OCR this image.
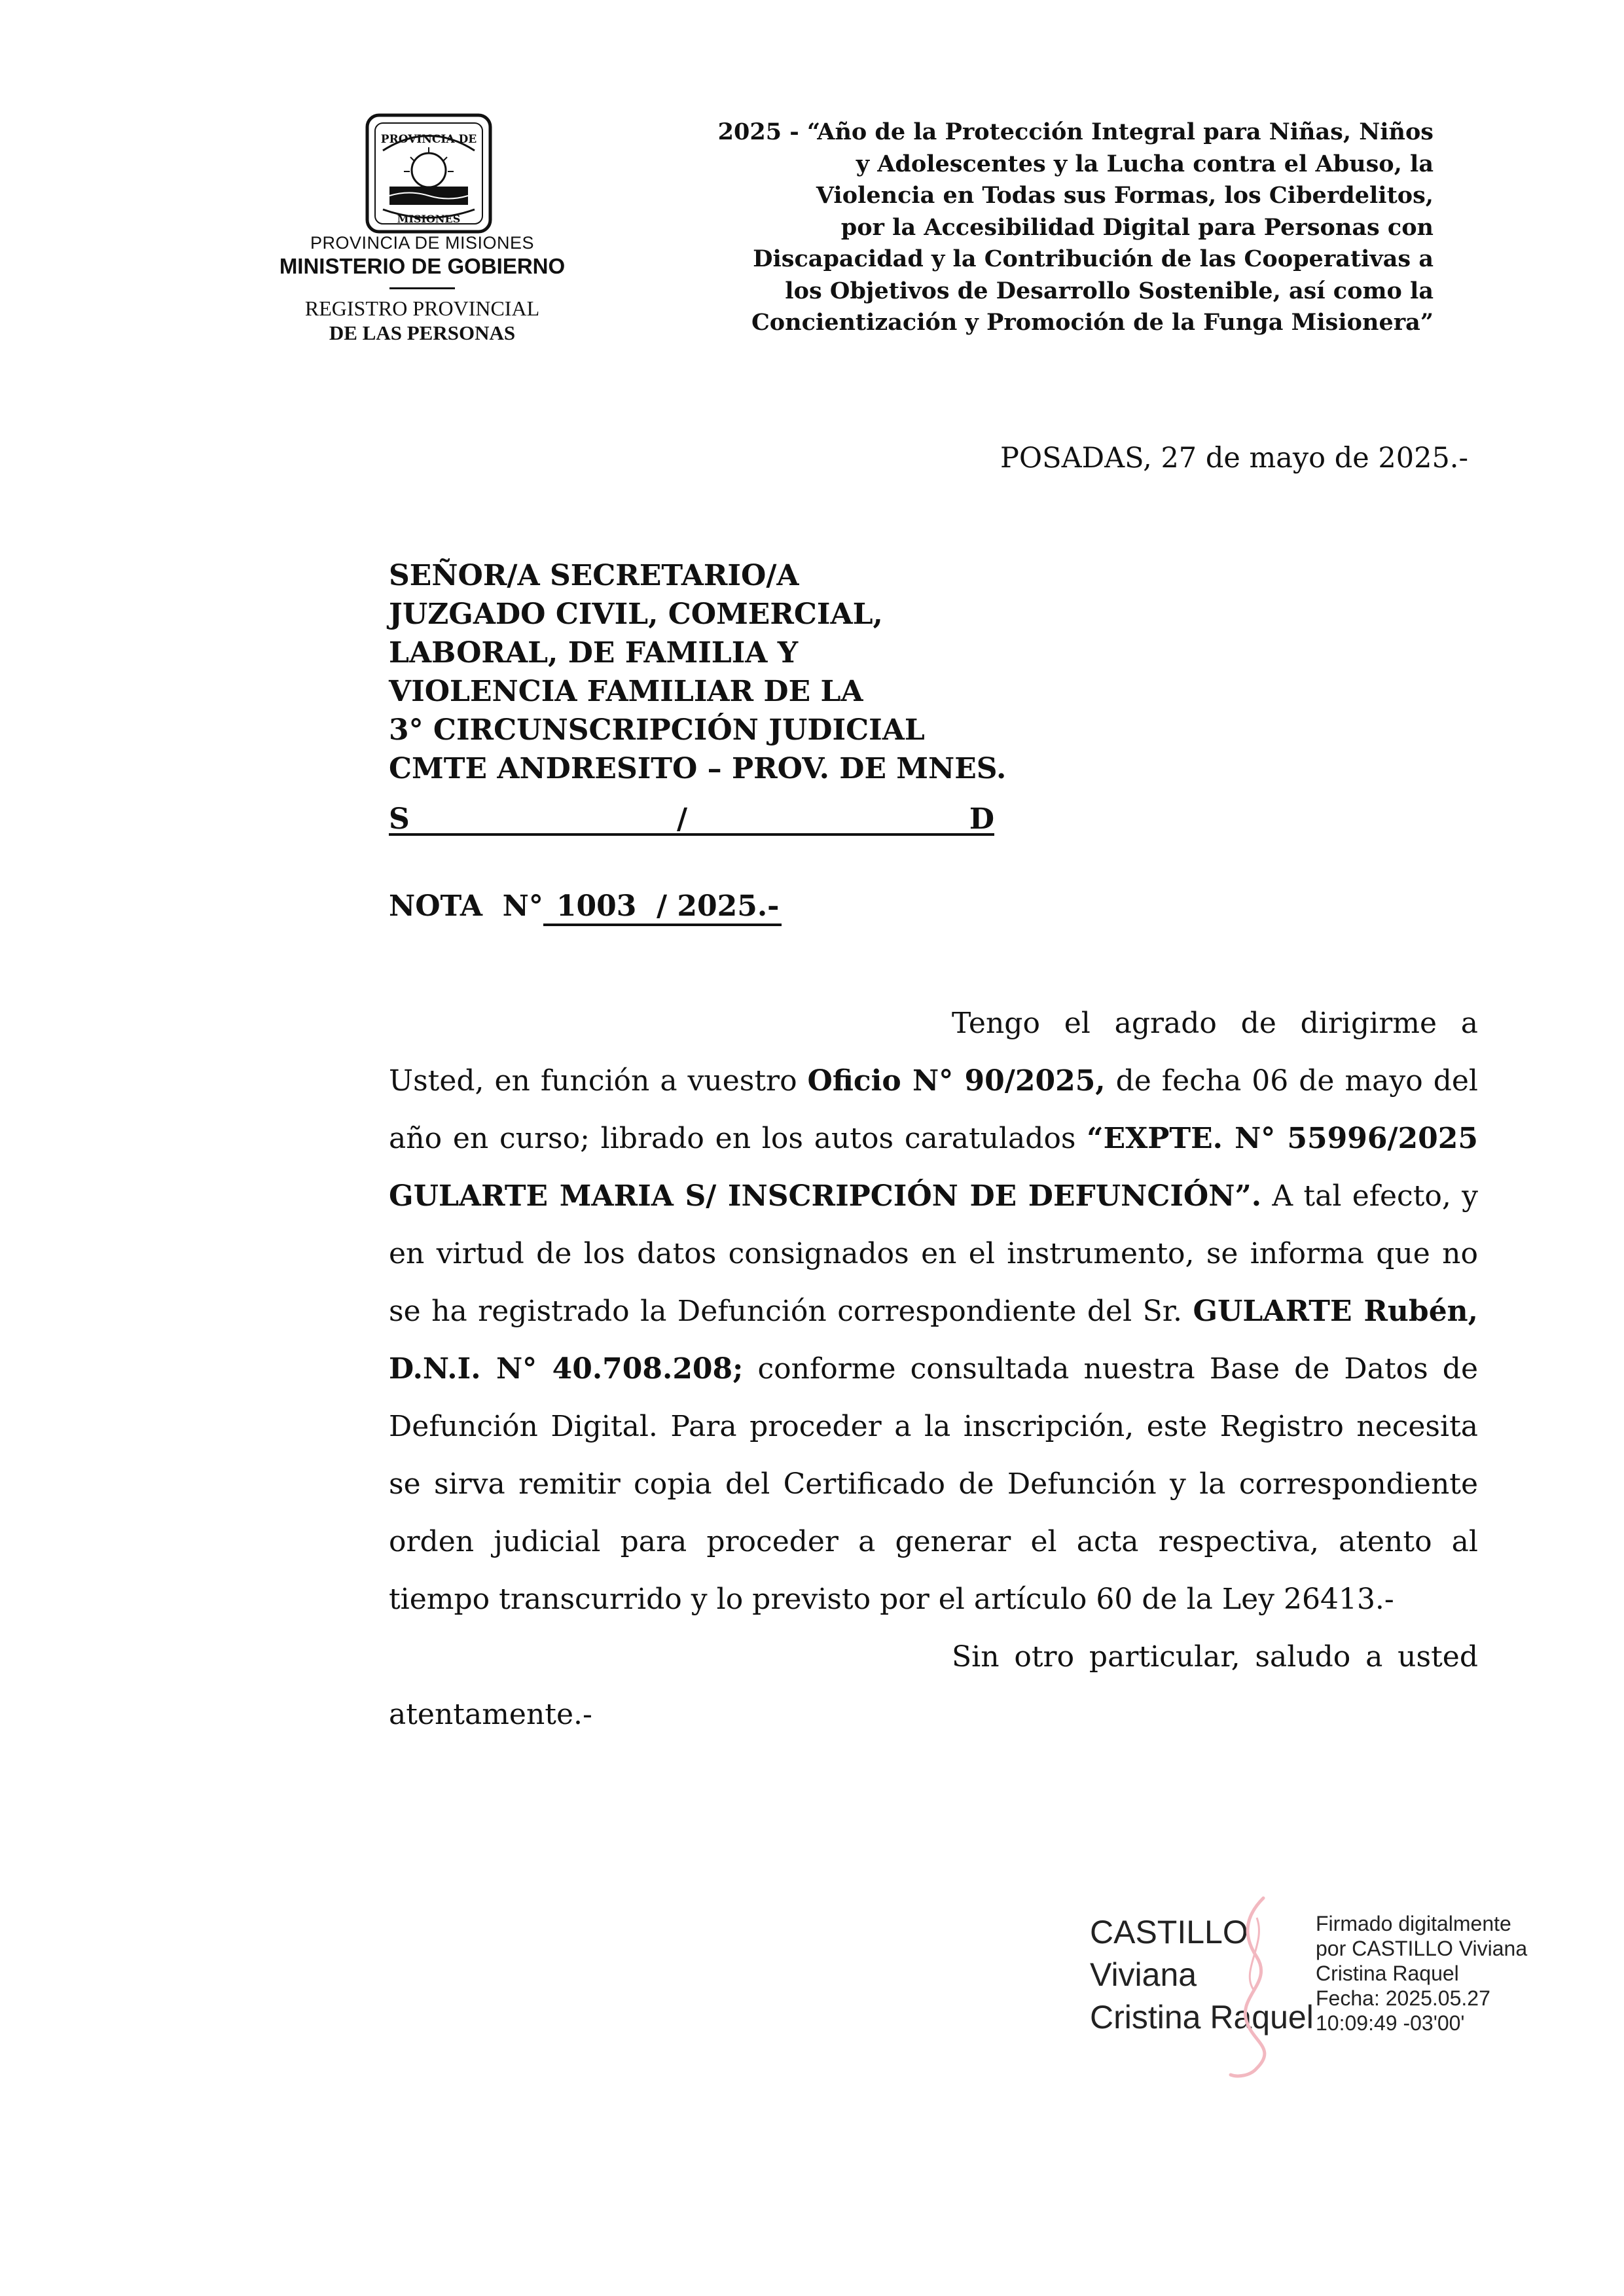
PROVINCIA DE
MISIONES
PROVINCIA DE MISIONES
MINISTERIO DE GOBIERNO
REGISTRO PROVINCIAL
DE LAS PERSONAS
2025 - “Año de la Protección Integral para Niñas, Niños
y Adolescentes y la Lucha contra el Abuso, la
Violencia en Todas sus Formas, los Ciberdelitos,
por la Accesibilidad Digital para Personas con
Discapacidad y la Contribución de las Cooperativas a
los Objetivos de Desarrollo Sostenible, así como la
Concientización y Promoción de la Funga Misionera”
POSADAS, 27 de mayo de 2025.-
SEÑOR/A SECRETARIO/A
JUZGADO CIVIL, COMERCIAL,
LABORAL, DE FAMILIA Y
VIOLENCIA FAMILIAR DE LA
3° CIRCUNSCRIPCIÓN JUDICIAL
CMTE ANDRESITO – PROV. DE MNES.
S	/	D
NOTA  N° 1003  / 2025.-

Tengo el agrado de dirigirme a Usted, en función a vuestro Oficio N° 90/2025, de fecha 06 de mayo del año en curso; librado en los autos caratulados “EXPTE. N° 55996/2025 GULARTE MARIA S/ INSCRIPCIÓN DE DEFUNCIÓN”. A tal efecto, y en virtud de los datos consignados en el instrumento, se informa que no se ha registrado la Defunción correspondiente del Sr. GULARTE Rubén, D.N.I. N° 40.708.208; conforme consultada nuestra Base de Datos de Defunción Digital. Para proceder a la inscripción, este Registro necesita se sirva remitir copia del Certificado de Defunción y la correspondiente orden judicial para proceder a generar el acta respectiva, atento al tiempo transcurrido y lo previsto por el artículo 60 de la Ley 26413.-

Sin otro particular, saludo a usted atentamente.-

CASTILLO
Viviana
Cristina Raquel
Firmado digitalmente
por CASTILLO Viviana
Cristina Raquel
Fecha: 2025.05.27
10:09:49 -03'00'
